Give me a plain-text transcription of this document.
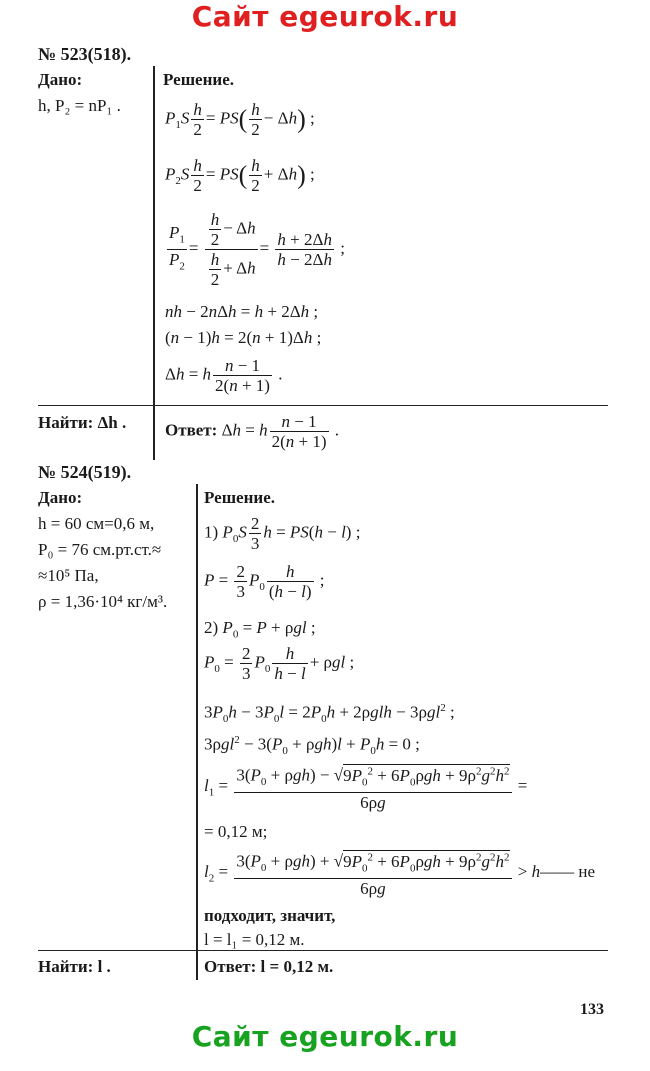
Сайт egeurok.ru
№ 523(518).
Дано:
h, P₂ = nP₁ .
Решение.
$P_1S \frac{h}{2} = PS( \frac{h}{2} - \Delta h)$ ;
$P_2S \frac{h}{2} = PS( \frac{h}{2} + \Delta h)$ ;
$\frac{P_1}{P_2} = \frac{\frac{h}{2} - \Delta h}{\frac{h}{2} + \Delta h} = \frac{h + 2\Delta h}{h - 2\Delta h}$ ;
nh − 2nΔh = h + 2Δh ;
(n − 1)h = 2(n + 1)Δh ;
Δh = h $\frac{n - 1}{2(n + 1)}$ .
Найти: Δh . Ответ: Δh = h $\frac{n - 1}{2(n + 1)}$ .
№ 524(519).
Дано:
h = 60 см=0,6 м,
P₀ = 76 см.рт.ст.≈
≈10⁵ Па,
ρ = 1,36·10⁴ кг/м³.
Решение.
1) $P_0S \frac{2}{3}$ h = PS(h − l) ;
$P = \frac{2}{3} P_0 \frac{h}{(h - l)}$ ;
2) $P_0 = P + \rho gl$ ;
$P_0 = \frac{2}{3} P_0 \frac{h}{h - l} + \rho gl$ ;
$3P_0h - 3P_0l = 2P_0h + 2\rho glh - 3\rho gl^2$ ;
$3\rho gl^2 - 3(P_0 + \rho gh)l + P_0h = 0$ ;
$l_1 = \frac{3(P_0 + \rho gh) - √9P_0^2 + 6P_0\rho gh + 9\rho^2g^2h^2}{6\rho g}$ =
= 0,12 м;
$l_2 = \frac{3(P_0 + \rho gh) + √9P_0^2 + 6P_0\rho gh + 9\rho^2g^2h^2}{6\rho g}$ > h—— не
подходит, значит,
l = l₁ = 0,12 м.
Найти: l .	Ответ: l = 0,12 м.
133
Сайт egeurok.ru
